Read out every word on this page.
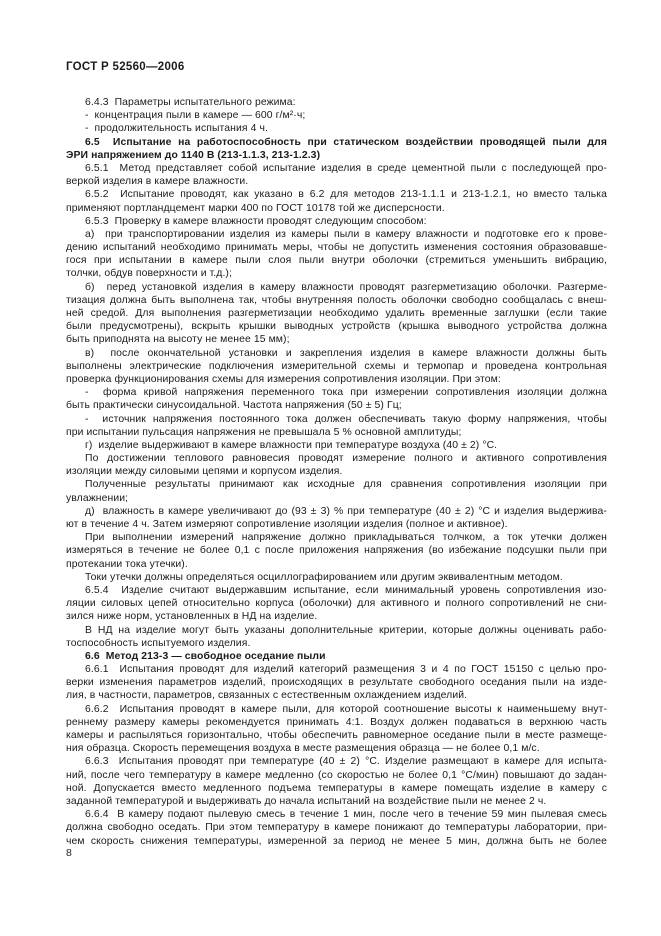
ГОСТ Р 52560—2006
6.4.3  Параметры испытательного режима:
-  концентрация пыли в камере — 600 г/м²·ч;
-  продолжительность испытания 4 ч.
6.5  Испытание на работоспособность при статическом воздействии проводящей пыли для
ЭРИ напряжением до 1140 В (213-1.1.3, 213-1.2.3)
6.5.1  Метод представляет собой испытание изделия в среде цементной пыли с последующей про-
веркой изделия в камере влажности.
6.5.2  Испытание проводят, как указано в 6.2 для методов 213-1.1.1 и 213-1.2.1, но вместо талька
применяют портландцемент марки 400 по ГОСТ 10178 той же дисперсности.
6.5.3  Проверку в камере влажности проводят следующим способом:
а)  при транспортировании изделия из камеры пыли в камеру влажности и подготовке его к прове-
дению испытаний необходимо принимать меры, чтобы не допустить изменения состояния образовавше-
гося при испытании в камере пыли слоя пыли внутри оболочки (стремиться уменьшить вибрацию,
толчки, обдув поверхности и т.д.);
б)  перед установкой изделия в камеру влажности проводят разгерметизацию оболочки. Разгерме-
тизация должна быть выполнена так, чтобы внутренняя полость оболочки свободно сообщалась с внеш-
ней средой. Для выполнения разгерметизации необходимо удалить временные заглушки (если такие
были предусмотрены), вскрыть крышки выводных устройств (крышка выводного устройства должна
быть приподнята на высоту не менее 15 мм);
в)  после окончательной установки и закрепления изделия в камере влажности должны быть
выполнены электрические подключения измерительной схемы и термопар и проведена контрольная
проверка функционирования схемы для измерения сопротивления изоляции. При этом:
-  форма кривой напряжения переменного тока при измерении сопротивления изоляции должна
быть практически синусоидальной. Частота напряжения (50 ± 5) Гц;
-  источник напряжения постоянного тока должен обеспечивать такую форму напряжения, чтобы
при испытании пульсация напряжения не превышала 5 % основной амплитуды;
г)  изделие выдерживают в камере влажности при температуре воздуха (40 ± 2) °С.
По достижении теплового равновесия проводят измерение полного и активного сопротивления
изоляции между силовыми цепями и корпусом изделия.
Полученные результаты принимают как исходные для сравнения сопротивления изоляции при
увлажнении;
д)  влажность в камере увеличивают до (93 ± 3) % при температуре (40 ± 2) °С и изделия выдержива-
ют в течение 4 ч. Затем измеряют сопротивление изоляции изделия (полное и активное).
При выполнении измерений напряжение должно прикладываться толчком, а ток утечки должен
измеряться в течение не более 0,1 с после приложения напряжения (во избежание подсушки пыли при
протекании тока утечки).
Токи утечки должны определяться осциллографированием или другим эквивалентным методом.
6.5.4  Изделие считают выдержавшим испытание, если минимальный уровень сопротивления изо-
ляции силовых цепей относительно корпуса (оболочки) для активного и полного сопротивлений не сни-
зился ниже норм, установленных в НД на изделие.
В НД на изделие могут быть указаны дополнительные критерии, которые должны оценивать рабо-
тоспособность испытуемого изделия.
6.6  Метод 213-3 — свободное оседание пыли
6.6.1  Испытания проводят для изделий категорий размещения 3 и 4 по ГОСТ 15150 с целью про-
верки изменения параметров изделий, происходящих в результате свободного оседания пыли на изде-
лия, в частности, параметров, связанных с естественным охлаждением изделий.
6.6.2  Испытания проводят в камере пыли, для которой соотношение высоты к наименьшему внут-
реннему размеру камеры рекомендуется принимать 4:1. Воздух должен подаваться в верхнюю часть
камеры и распыляться горизонтально, чтобы обеспечить равномерное оседание пыли в месте размеще-
ния образца. Скорость перемещения воздуха в месте размещения образца — не более 0,1 м/с.
6.6.3  Испытания проводят при температуре (40 ± 2) °С. Изделие размещают в камере для испыта-
ний, после чего температуру в камере медленно (со скоростью не более 0,1 °С/мин) повышают до задан-
ной. Допускается вместо медленного подъема температуры в камере помещать изделие в камеру с
заданной температурой и выдерживать до начала испытаний на воздействие пыли не менее 2 ч.
6.6.4  В камеру подают пылевую смесь в течение 1 мин, после чего в течение 59 мин пылевая смесь
должна свободно оседать. При этом температуру в камере понижают до температуры лаборатории, при-
чем скорость снижения температуры, измеренной за период не менее 5 мин, должна быть не более
8
